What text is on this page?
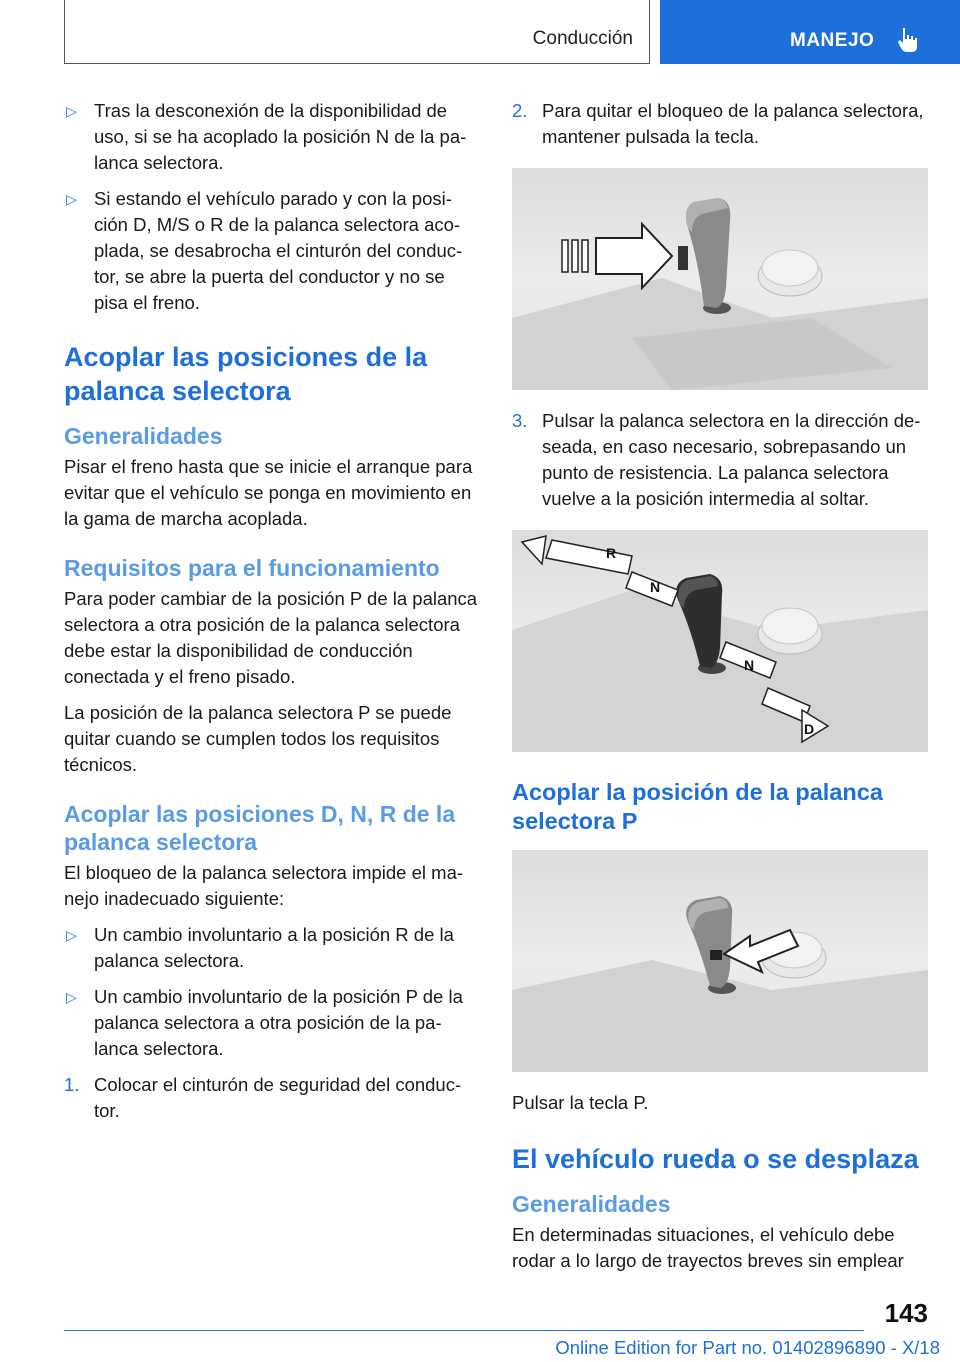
Conducción	MANEJO
▷ Tras la desconexión de la disponibilidad de uso, si se ha acoplado la posición N de la palanca selectora.
▷ Si estando el vehículo parado y con la posición D, M/S o R de la palanca selectora acoplada, se desabrocha el cinturón del conductor, se abre la puerta del conductor y no se pisa el freno.
Acoplar las posiciones de la palanca selectora
Generalidades

Pisar el freno hasta que se inicie el arranque para evitar que el vehículo se ponga en movimiento en la gama de marcha acoplada.

Requisitos para el funcionamiento

Para poder cambiar de la posición P de la palanca selectora a otra posición de la palanca selectora debe estar la disponibilidad de conducción conectada y el freno pisado.

La posición de la palanca selectora P se puede quitar cuando se cumplen todos los requisitos técnicos.

Acoplar las posiciones D, N, R de la palanca selectora

El bloqueo de la palanca selectora impide el manejo inadecuado siguiente:

▷ Un cambio involuntario a la posición R de la palanca selectora.
▷ Un cambio involuntario de la posición P de la palanca selectora a otra posición de la palanca selectora.
1. Colocar el cinturón de seguridad del conductor.
2. Para quitar el bloqueo de la palanca selectora, mantener pulsada la tecla.
3. Pulsar la palanca selectora en la dirección deseada, en caso necesario, sobrepasando un punto de resistencia. La palanca selectora vuelve a la posición intermedia al soltar.
R
N
N
D
Acoplar la posición de la palanca selectora P

Pulsar la tecla P.

El vehículo rueda o se desplaza
Generalidades

En determinadas situaciones, el vehículo debe rodar a lo largo de trayectos breves sin emplear

143
Online Edition for Part no. 01402896890 - X/18
